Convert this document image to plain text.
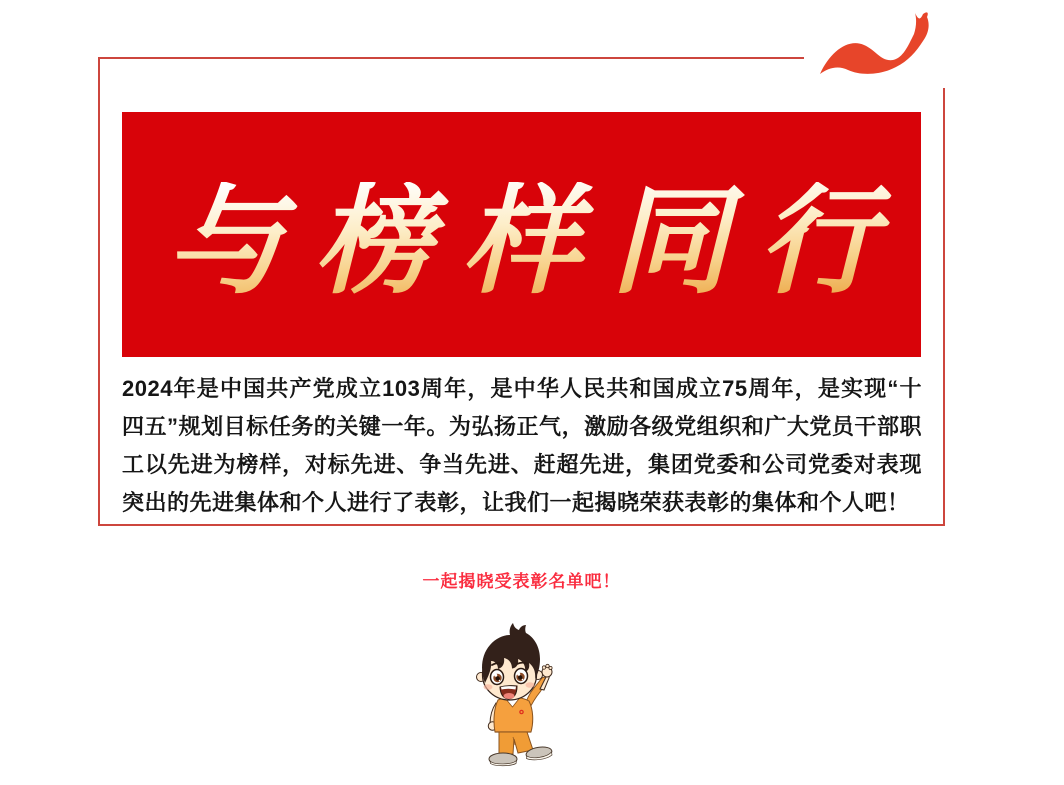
与榜样同行

2024年是中国共产党成立103周年，是中华人民共和国成立75周年，是实现“十四五”规划目标任务的关键一年。为弘扬正气，激励各级党组织和广大党员干部职工以先进为榜样，对标先进、争当先进、赶超先进，集团党委和公司党委对表现突出的先进集体和个人进行了表彰，让我们一起揭晓荣获表彰的集体和个人吧！

一起揭晓受表彰名单吧！
